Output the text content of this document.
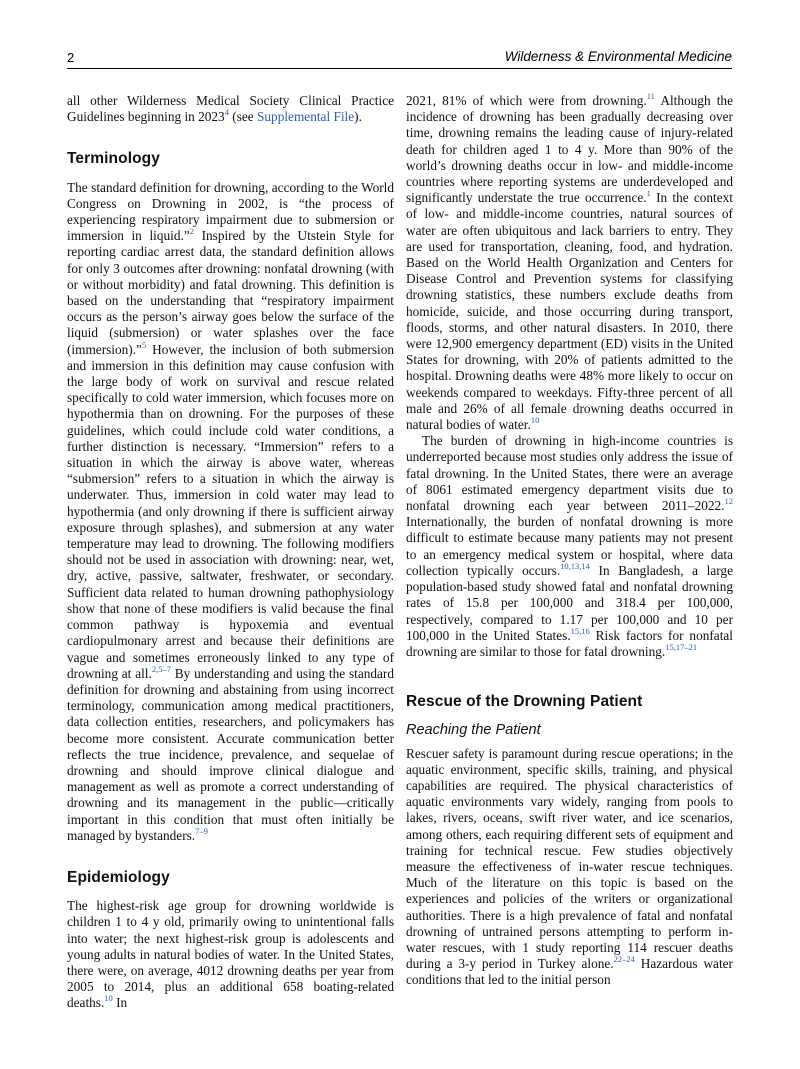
2	Wilderness & Environmental Medicine

all other Wilderness Medical Society Clinical Practice Guidelines beginning in 2023$^4$ (see Supplemental File).

Terminology

The standard definition for drowning, according to the World Congress on Drowning in 2002, is “the process of experiencing respiratory impairment due to submersion or immersion in liquid.”$^2$ Inspired by the Utstein Style for reporting cardiac arrest data, the standard definition allows for only 3 outcomes after drowning: nonfatal drowning (with or without morbidity) and fatal drowning. This definition is based on the understanding that “respiratory impairment occurs as the person’s airway goes below the surface of the liquid (submersion) or water splashes over the face (immersion).”$^5$ However, the inclusion of both submersion and immersion in this definition may cause confusion with the large body of work on survival and rescue related specifically to cold water immersion, which focuses more on hypothermia than on drowning. For the purposes of these guidelines, which could include cold water conditions, a further distinction is necessary. “Immersion” refers to a situation in which the airway is above water, whereas “submersion” refers to a situation in which the airway is underwater. Thus, immersion in cold water may lead to hypothermia (and only drowning if there is sufficient airway exposure through splashes), and submersion at any water temperature may lead to drowning. The following modifiers should not be used in association with drowning: near, wet, dry, active, passive, saltwater, freshwater, or secondary. Sufficient data related to human drowning pathophysiology show that none of these modifiers is valid because the final common pathway is hypoxemia and eventual cardiopulmonary arrest and because their definitions are vague and sometimes erroneously linked to any type of drowning at all.$^{2,5-7}$ By understanding and using the standard definition for drowning and abstaining from using incorrect terminology, communication among medical practitioners, data collection entities, researchers, and policymakers has become more consistent. Accurate communication better reflects the true incidence, prevalence, and sequelae of drowning and should improve clinical dialogue and management as well as promote a correct understanding of drowning and its management in the public—critically important in this condition that must often initially be managed by bystanders.$^{7-9}$

Epidemiology

The highest-risk age group for drowning worldwide is children 1 to 4 y old, primarily owing to unintentional falls into water; the next highest-risk group is adolescents and young adults in natural bodies of water. In the United States, there were, on average, 4012 drowning deaths per year from 2005 to 2014, plus an additional 658 boating-related deaths.$^{10}$ In

2021, 81% of which were from drowning.$^{11}$ Although the incidence of drowning has been gradually decreasing over time, drowning remains the leading cause of injury-related death for children aged 1 to 4 y. More than 90% of the world’s drowning deaths occur in low- and middle-income countries where reporting systems are underdeveloped and significantly understate the true occurrence.$^1$ In the context of low- and middle-income countries, natural sources of water are often ubiquitous and lack barriers to entry. They are used for transportation, cleaning, food, and hydration. Based on the World Health Organization and Centers for Disease Control and Prevention systems for classifying drowning statistics, these numbers exclude deaths from homicide, suicide, and those occurring during transport, floods, storms, and other natural disasters. In 2010, there were 12,900 emergency department (ED) visits in the United States for drowning, with 20% of patients admitted to the hospital. Drowning deaths were 48% more likely to occur on weekends compared to weekdays. Fifty-three percent of all male and 26% of all female drowning deaths occurred in natural bodies of water.$^{10}$

The burden of drowning in high-income countries is underreported because most studies only address the issue of fatal drowning. In the United States, there were an average of 8061 estimated emergency department visits due to nonfatal drowning each year between 2011–2022.12 Internationally, the burden of nonfatal drowning is more difficult to estimate because many patients may not present to an emergency medical system or hospital, where data collection typically occurs.$^{10,13,14}$ In Bangladesh, a large population-based study showed fatal and nonfatal drowning rates of 15.8 per 100,000 and 318.4 per 100,000, respectively, compared to 1.17 per 100,000 and 10 per 100,000 in the United States.$^{15,16}$ Risk factors for nonfatal drowning are similar to those for fatal drowning.$^{15,17-21}$

Rescue of the Drowning Patient
Reaching the Patient

Rescuer safety is paramount during rescue operations; in the aquatic environment, specific skills, training, and physical capabilities are required. The physical characteristics of aquatic environments vary widely, ranging from pools to lakes, rivers, oceans, swift river water, and ice scenarios, among others, each requiring different sets of equipment and training for technical rescue. Few studies objectively measure the effectiveness of in-water rescue techniques. Much of the literature on this topic is based on the experiences and policies of the writers or organizational authorities. There is a high prevalence of fatal and nonfatal drowning of untrained persons attempting to perform in-water rescues, with 1 study reporting 114 rescuer deaths during a 3-y period in Turkey alone.$^{22-24}$ Hazardous water conditions that led to the initial person
